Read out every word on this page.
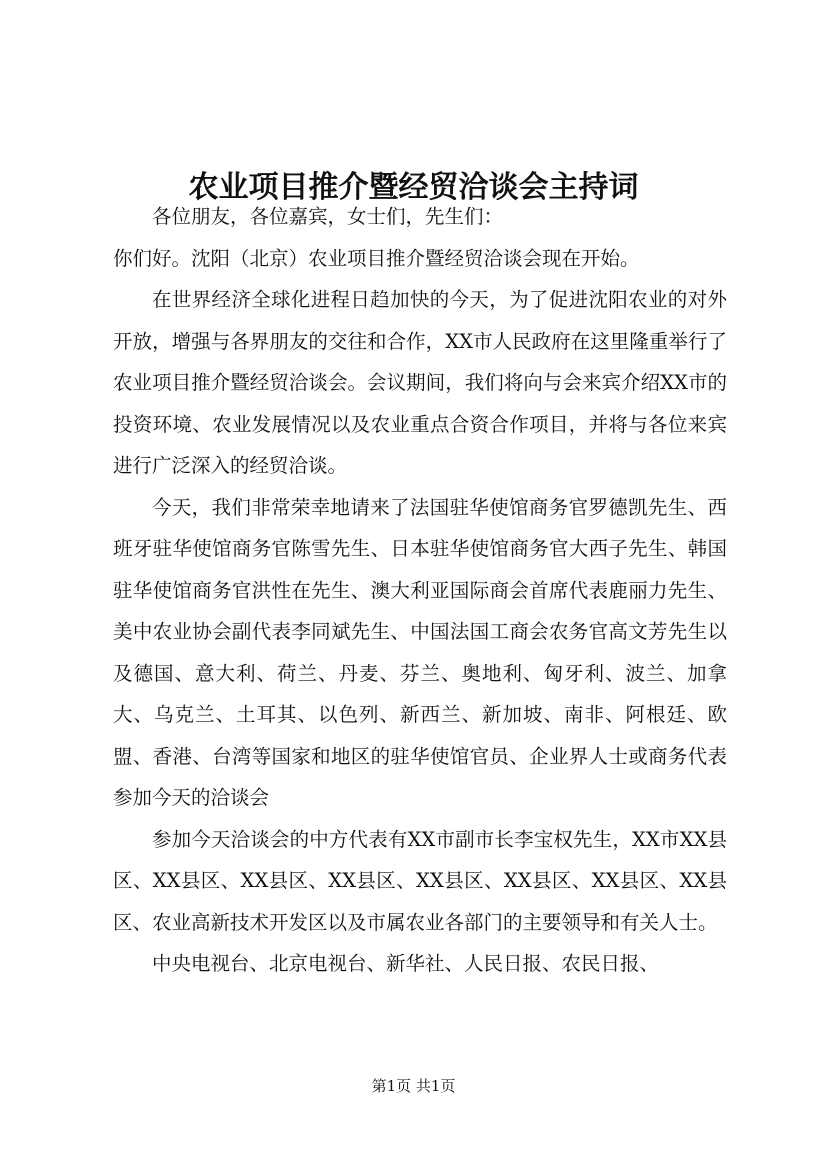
农业项目推介暨经贸洽谈会主持词

各位朋友，各位嘉宾，女士们，先生们：

你们好。沈阳（北京）农业项目推介暨经贸洽谈会现在开始。

在世界经济全球化进程日趋加快的今天，为了促进沈阳农业的对外开放，增强与各界朋友的交往和合作，XX市人民政府在这里隆重举行了农业项目推介暨经贸洽谈会。会议期间，我们将向与会来宾介绍XX市的投资环境、农业发展情况以及农业重点合资合作项目，并将与各位来宾进行广泛深入的经贸洽谈。

今天，我们非常荣幸地请来了法国驻华使馆商务官罗德凯先生、西班牙驻华使馆商务官陈雪先生、日本驻华使馆商务官大西子先生、韩国驻华使馆商务官洪性在先生、澳大利亚国际商会首席代表鹿丽力先生、美中农业协会副代表李同斌先生、中国法国工商会农务官高文芳先生以及德国、意大利、荷兰、丹麦、芬兰、奥地利、匈牙利、波兰、加拿大、乌克兰、土耳其、以色列、新西兰、新加坡、南非、阿根廷、欧盟、香港、台湾等国家和地区的驻华使馆官员、企业界人士或商务代表参加今天的洽谈会

参加今天洽谈会的中方代表有XX市副市长李宝权先生，XX市XX县区、XX县区、XX县区、XX县区、XX县区、XX县区、XX县区、XX县区、农业高新技术开发区以及市属农业各部门的主要领导和有关人士。

中央电视台、北京电视台、新华社、人民日报、农民日报、

第1页 共1页
